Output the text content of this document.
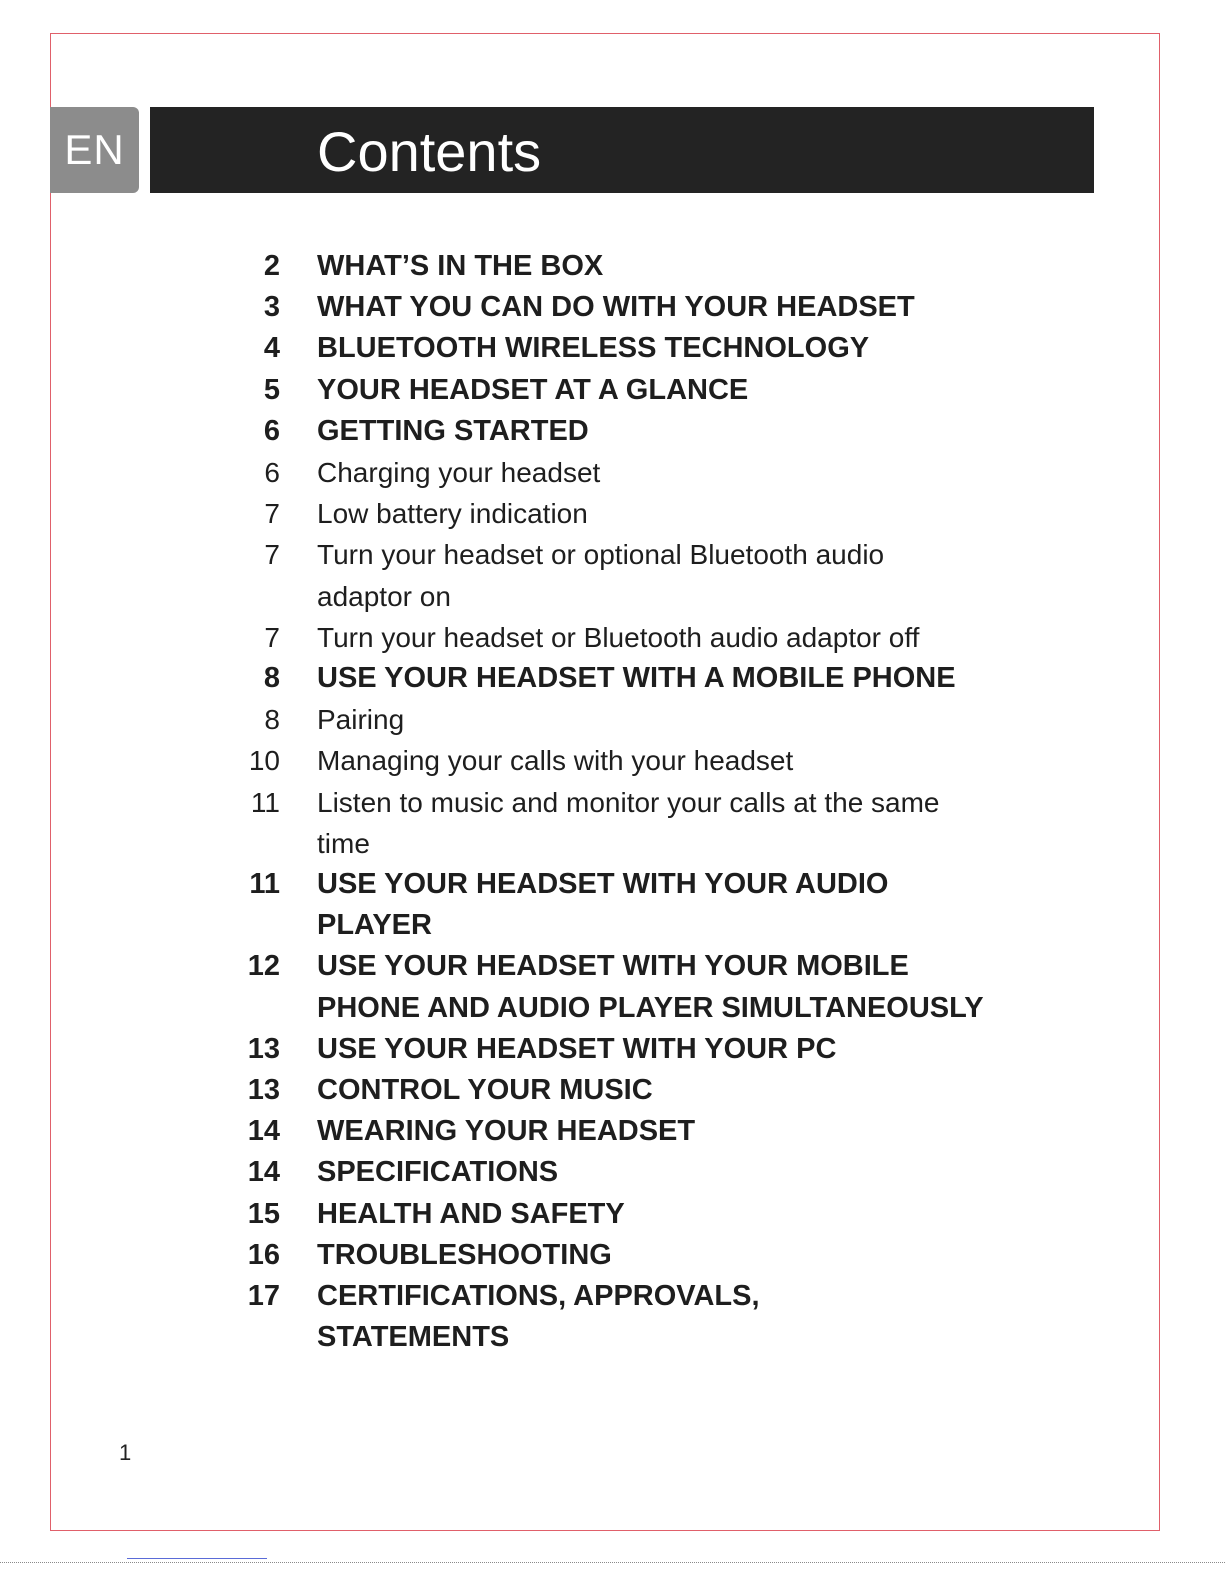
EN	Contents
2	WHAT’S IN THE BOX
3	WHAT YOU CAN DO WITH YOUR HEADSET
4	BLUETOOTH WIRELESS TECHNOLOGY
5	YOUR HEADSET AT A GLANCE
6	GETTING STARTED
6	Charging your headset
7	Low battery indication
7	Turn your headset or optional Bluetooth audio adaptor on
7	Turn your headset or Bluetooth audio adaptor off
8	USE YOUR HEADSET WITH A MOBILE PHONE
8	Pairing
10	Managing your calls with your headset
11	Listen to music and monitor your calls at the same time
11	USE YOUR HEADSET WITH YOUR AUDIO PLAYER
12	USE YOUR HEADSET WITH YOUR MOBILE PHONE AND AUDIO PLAYER SIMULTANEOUSLY
13	USE YOUR HEADSET WITH YOUR PC
13	CONTROL YOUR MUSIC
14	WEARING YOUR HEADSET
14	SPECIFICATIONS
15	HEALTH AND SAFETY
16	TROUBLESHOOTING
17	CERTIFICATIONS, APPROVALS, STATEMENTS
1
